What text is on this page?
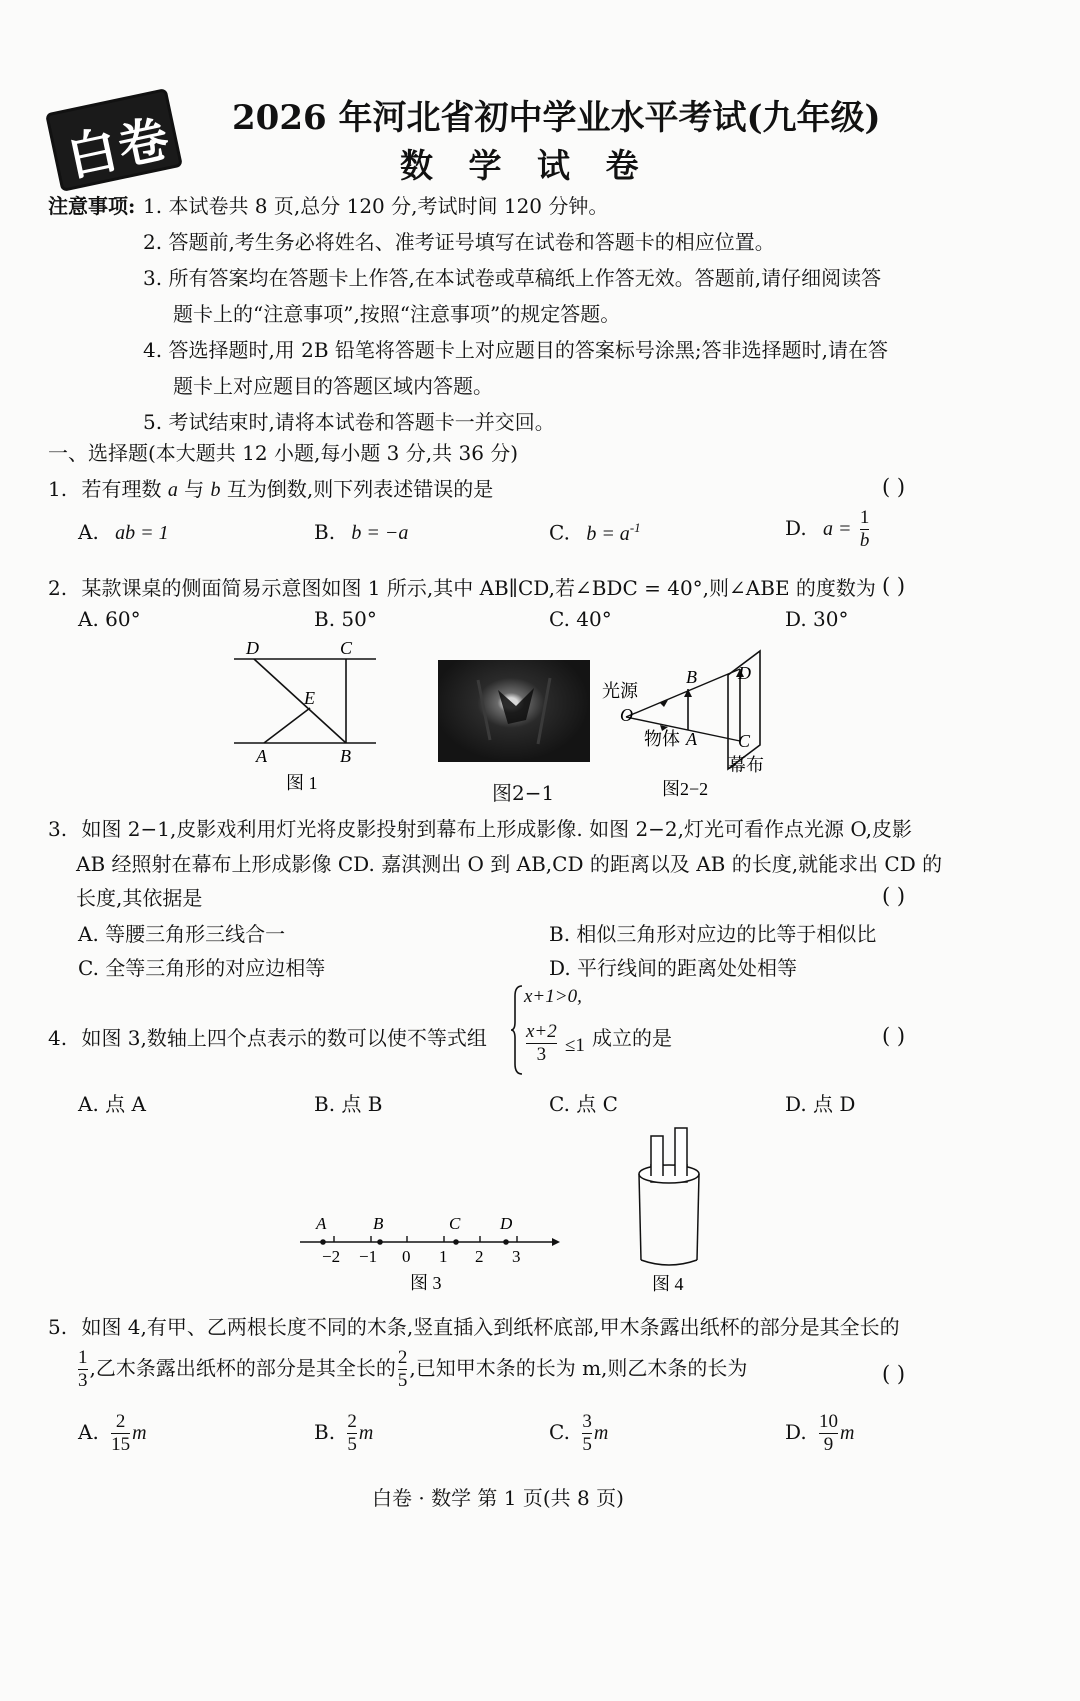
白卷 2026 年河北省初中学业水平考试(九年级)
数 学 试 卷
注意事项: 1. 本试卷共 8 页,总分 120 分,考试时间 120 分钟。
2. 答题前,考生务必将姓名、准考证号填写在试卷和答题卡的相应位置。
3. 所有答案均在答题卡上作答,在本试卷或草稿纸上作答无效。答题前,请仔细阅读答
题卡上的“注意事项”,按照“注意事项”的规定答题。
4. 答选择题时,用 2B 铅笔将答题卡上对应题目的答案标号涂黑;答非选择题时,请在答
题卡上对应题目的答题区域内答题。
5. 考试结束时,请将本试卷和答题卡一并交回。
一、选择题(本大题共 12 小题,每小题 3 分,共 36 分)
1. 若有理数 a 与 b 互为倒数,则下列表述错误的是	( )
A. ab = 1	B. b = −a	C. $b = a^{-1}$	D. $a = \frac{1}{b}$
2. 某款课桌的侧面简易示意图如图 1 所示,其中 AB∥CD,若∠BDC = 40°,则∠ABE 的度数为 ( )
A. 60°	B. 50°	C. 40°	D. 30°
D	C
E
A	B
图 1	图2−1
光源
O
B D
物体 A C
幕布
图2−2
3. 如图 2−1,皮影戏利用灯光将皮影投射到幕布上形成影像. 如图 2−2,灯光可看作点光源 O,皮影
AB 经照射在幕布上形成影像 CD. 嘉淇测出 O 到 AB,CD 的距离以及 AB 的长度,就能求出 CD 的
长度,其依据是	( )
A. 等腰三角形三线合一	B. 相似三角形对应边的比等于相似比
C. 全等三角形的对应边相等	D. 平行线间的距离处处相等
4. 如图 3,数轴上四个点表示的数可以使不等式组
x+1>0,
x+2
3 ≤1 成立的是	( )
A. 点 A	B. 点 B	C. 点 C	D. 点 D
A	B	C D
−2 −1 0 1 2 3
图 3	图 4
5. 如图 4,有甲、乙两根长度不同的木条,竖直插入到纸杯底部,甲木条露出纸杯的部分是其全长的
$\frac{1}{3}$ ,乙木条露出纸杯的部分是其全长的 $\frac{2}{5}$ ,已知甲木条的长为 m,则乙木条的长为	( )
A. $\frac{2}{15}$ m	B. $\frac{2}{5}$ m	C. $\frac{3}{5}$ m	D. $\frac{10}{9}$ m
白卷 · 数学 第 1 页(共 8 页)
